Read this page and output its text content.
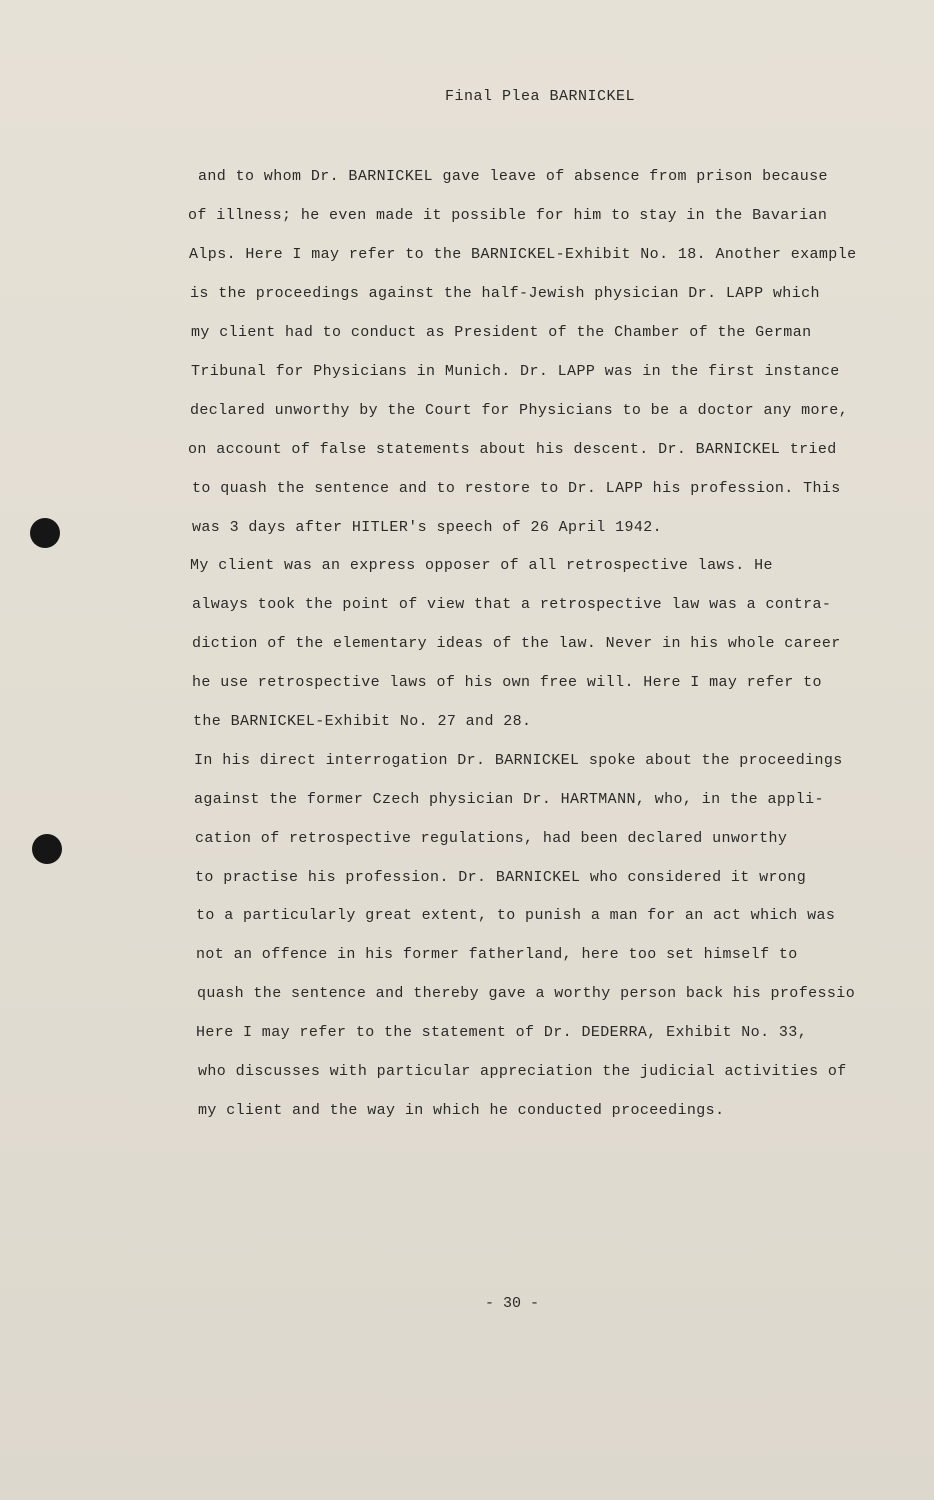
Final Plea BARNICKEL
and to whom Dr. BARNICKEL gave leave of absence from prison because
of illness; he even made it possible for him to stay in the Bavarian
Alps. Here I may refer to the BARNICKEL-Exhibit No. 18. Another example
is the proceedings against the half-Jewish physician Dr. LAPP which
my client had to conduct as President of the Chamber of the German
Tribunal for Physicians in Munich. Dr. LAPP was in the first instance
declared unworthy by the Court for Physicians to be a doctor any more,
on account of false statements about his descent. Dr. BARNICKEL tried
to quash the sentence and to restore to Dr. LAPP his profession. This
was 3 days after HITLER's speech of 26 April 1942.
My client was an express opposer of all retrospective laws. He
always took the point of view that a retrospective law was a contra-
diction of the elementary ideas of the law. Never in his whole career
he use retrospective laws of his own free will. Here I may refer to
the BARNICKEL-Exhibit No. 27 and 28.
In his direct interrogation Dr. BARNICKEL spoke about the proceedings
against the former Czech physician Dr. HARTMANN, who, in the appli-
cation of retrospective regulations, had been declared unworthy
to practise his profession. Dr. BARNICKEL who considered it wrong
to a particularly great extent, to punish a man for an act which was
not an offence in his former fatherland, here too set himself to
quash the sentence and thereby gave a worthy person back his professio
Here I may refer to the statement of Dr. DEDERRA, Exhibit No. 33,
who discusses with particular appreciation the judicial activities of
my client and the way in which he conducted proceedings.
- 30 -
